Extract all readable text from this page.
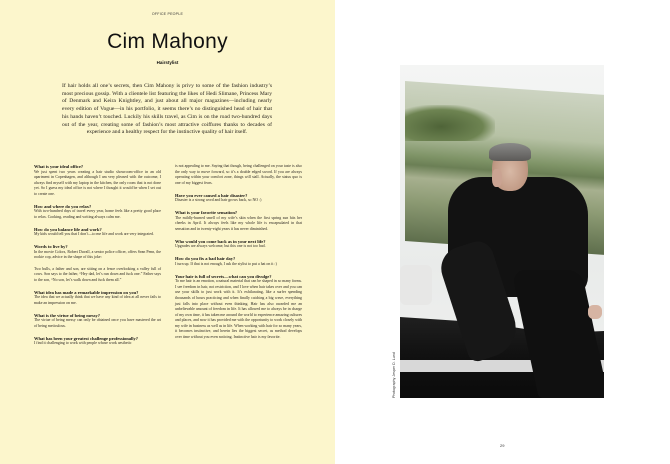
OFFICE PEOPLE
Cim Mahony
Hairstylist
If hair holds all one’s secrets, then Cim Mahony is privy to some of the fashion industry’s most precious gossip. With a clientele list featuring the likes of Hedi Slimane, Princess Mary of Denmark and Keira Knightley, and just about all major magazines—including nearly every edition of Vogue—in his portfolio, it seems there’s no distinguished head of hair that his hands haven’t touched. Luckily his skills travel, as Cim is on the road two-hundred days out of the year, creating some of fashion’s most attractive coiffures thanks to decades of experience and a healthy respect for the instinctive quality of hair itself.
What is your ideal office?

We just spent two years creating a hair studio showroom-office in an old apartment in Copenhagen, and although I am very pleased with the outcome, I always find myself with my laptop in the kitchen, the only room that is not done yet. So I guess my ideal office is not where I thought it would be when I set out to create one.

How and where do you relax?

With two-hundred days of travel every year, home feels like a pretty good place to relax. Cooking, reading and writing always calm me.

How do you balance life and work?

My kids would tell you that I don’t—to me life and work are very integrated.

Words to live by?

In the movie Colors, Robert Duvall, a senior police officer, offers Sean Penn, the rookie cop, advice in the shape of this joke:

Two bulls, a father and son, are sitting on a fence overlooking a valley full of cows. Son says to the father, “Hey dad, let’s run down and fuck one.” Father says to the son, “No son, let’s walk down and fuck them all.”

What idea has made a remarkable impression on you?

The idea that we actually think that we have any kind of idea at all never fails to make an impression on me.

What is the virtue of being messy?

The virtue of being messy can only be obtained once you have mastered the art of being meticulous.

What has been your greatest challenge professionally?

I find it challenging to work with people whose work aesthetic

is not appealing to me. Saying that though, being challenged on your taste is also the only way to move forward, so it’s a double edged sword. If you are always operating within your comfort zone, things will stall. Actually, the status quo is one of my biggest fears.

Have you ever caused a hair disaster?

Disaster is a strong word and hair grows back, so NO :)

What is your favorite sensation?

The mildly-burned smell of my wife’s skin when the first spring sun hits her cheeks in April. It always feels like my whole life is encapsulated in that sensation and in twenty-eight years it has never diminished.

Who would you come back as in your next life?

Upgrades are always welcome, but this one is not too bad.

How do you fix a bad hair day?

I turn up. If that is not enough, I ask the stylist to put a hat on it :)

Your hair is full of secrets—what can you divulge?

To me hair is an emotion, a natural material that can be shaped in so many forms. I see freedom in hair, not restriction, and I love when hair takes over and you can use your skills to just work with it. It’s exhilarating, like a surfer spending thousands of hours practicing and when finally catching a big wave, everything just falls into place without even thinking. Hair has also awarded me an unbelievable amount of freedom in life. It has allowed me to always be in charge of my own time, it has taken me around the world to experience amazing cultures and places, and now it has provided me with the opportunity to work closely with my wife in business as well as in life. When working with hair for so many years, it becomes instinctive, and herein lies the biggest secret, as method develops over time without you even noticing. Instinctive hair is my favorite.

Photography Jesper D. Lund
29
